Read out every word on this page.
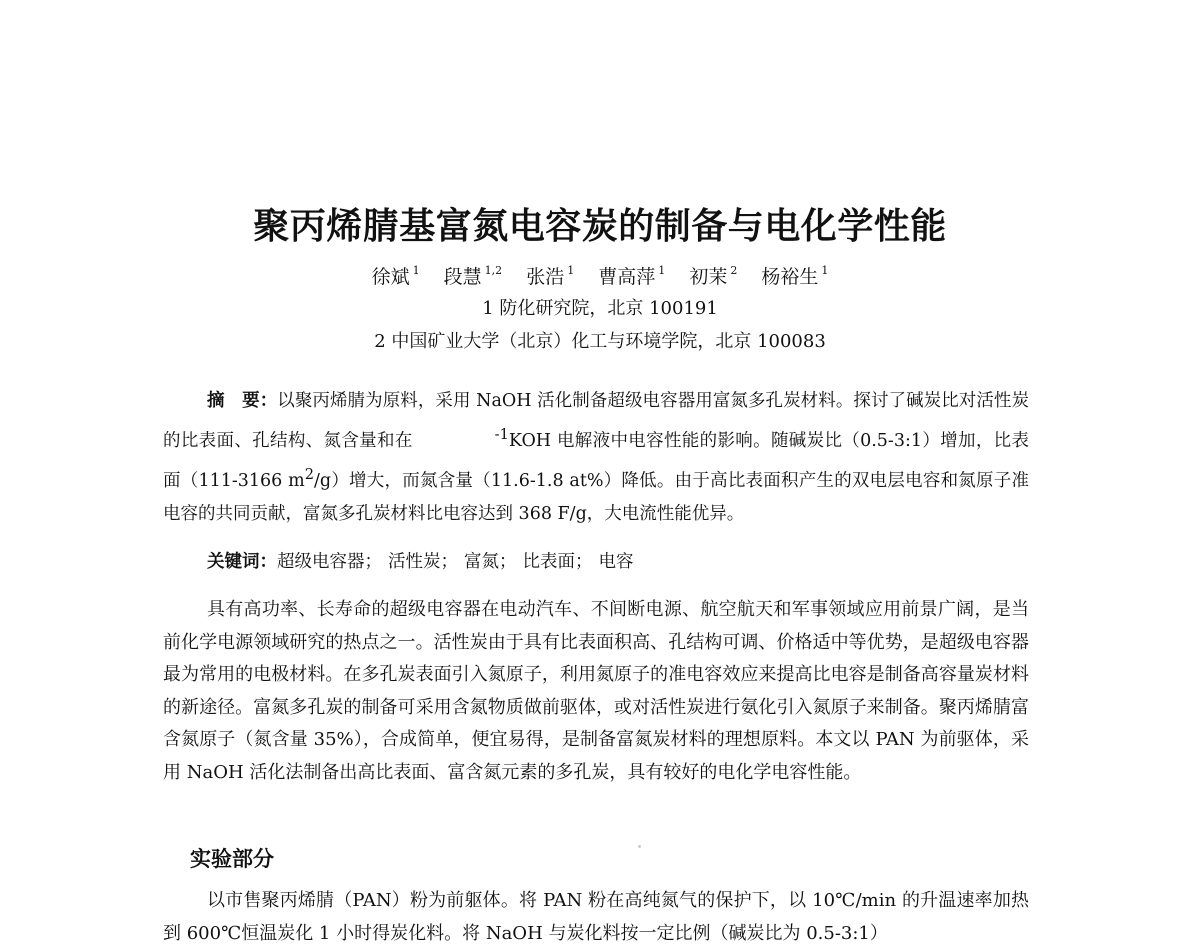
聚丙烯腈基富氮电容炭的制备与电化学性能
徐斌 $^1$ 段慧 $^{1,2}$ 张浩 $^1$ 曹高萍 $^1$ 初茉 $^2$ 杨裕生 $^1$
1 防化研究院，北京 100191
2 中国矿业大学（北京）化工与环境学院，北京 100083
摘　要：以聚丙烯腈为原料，采用 NaOH 活化制备超级电容器用富氮多孔炭材料。探讨了碱炭比对活性炭的比表面、孔结构、氮含量和在	$^{-1}$KOH 电解液中电容性能的影响。随碱炭比（0.5-3:1）增加，比表面（111-3166 $m^2/g$）增大，而氮含量（11.6-1.8 at%）降低。由于高比表面积产生的双电层电容和氮原子准电容的共同贡献，富氮多孔炭材料比电容达到 368 F/g，大电流性能优异。
关键词：超级电容器； 活性炭； 富氮； 比表面； 电容
具有高功率、长寿命的超级电容器在电动汽车、不间断电源、航空航天和军事领域应用前景广阔，是当前化学电源领域研究的热点之一。活性炭由于具有比表面积高、孔结构可调、价格适中等优势，是超级电容器最为常用的电极材料。在多孔炭表面引入氮原子，利用氮原子的准电容效应来提高比电容是制备高容量炭材料的新途径。富氮多孔炭的制备可采用含氮物质做前驱体，或对活性炭进行氨化引入氮原子来制备。聚丙烯腈富含氮原子（氮含量 35%），合成简单，便宜易得，是制备富氮炭材料的理想原料。本文以 PAN 为前驱体，采用 NaOH 活化法制备出高比表面、富含氮元素的多孔炭，具有较好的电化学电容性能。
实验部分
以市售聚丙烯腈（PAN）粉为前躯体。将 PAN 粉在高纯氮气的保护下，以 10℃/min 的升温速率加热到 600℃恒温炭化 1 小时得炭化料。将 NaOH 与炭化料按一定比例（碱炭比为 0.5-3:1）
